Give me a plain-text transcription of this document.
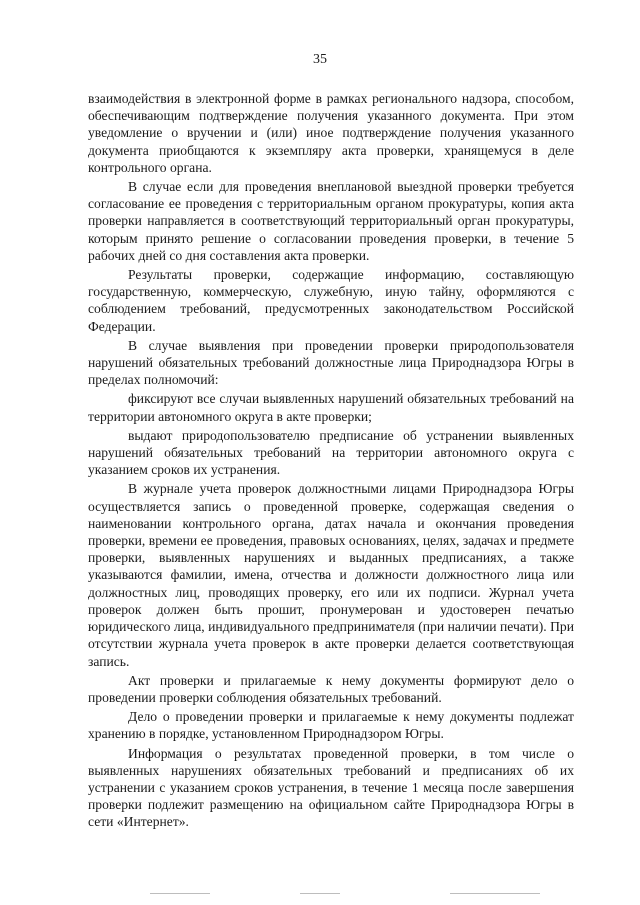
35

взаимодействия в электронной форме в рамках регионального надзора, способом, обеспечивающим подтверждение получения указанного документа. При этом уведомление о вручении и (или) иное подтверждение получения указанного документа приобщаются к экземпляру акта проверки, хранящемуся в деле контрольного органа.

В случае если для проведения внеплановой выездной проверки требуется согласование ее проведения с территориальным органом прокуратуры, копия акта проверки направляется в соответствующий территориальный орган прокуратуры, которым принято решение о согласовании проведения проверки, в течение 5 рабочих дней со дня составления акта проверки.

Результаты проверки, содержащие информацию, составляющую государственную, коммерческую, служебную, иную тайну, оформляются с соблюдением требований, предусмотренных законодательством Российской Федерации.

В случае выявления при проведении проверки природопользователя нарушений обязательных требований должностные лица Природнадзора Югры в пределах полномочий:

фиксируют все случаи выявленных нарушений обязательных требований на территории автономного округа в акте проверки;

выдают природопользователю предписание об устранении выявленных нарушений обязательных требований на территории автономного округа с указанием сроков их устранения.

В журнале учета проверок должностными лицами Природнадзора Югры осуществляется запись о проведенной проверке, содержащая сведения о наименовании контрольного органа, датах начала и окончания проведения проверки, времени ее проведения, правовых основаниях, целях, задачах и предмете проверки, выявленных нарушениях и выданных предписаниях, а также указываются фамилии, имена, отчества и должности должностного лица или должностных лиц, проводящих проверку, его или их подписи. Журнал учета проверок должен быть прошит, пронумерован и удостоверен печатью юридического лица, индивидуального предпринимателя (при наличии печати). При отсутствии журнала учета проверок в акте проверки делается соответствующая запись.

Акт проверки и прилагаемые к нему документы формируют дело о проведении проверки соблюдения обязательных требований.

Дело о проведении проверки и прилагаемые к нему документы подлежат хранению в порядке, установленном Природнадзором Югры.

Информация о результатах проведенной проверки, в том числе о выявленных нарушениях обязательных требований и предписаниях об их устранении с указанием сроков устранения, в течение 1 месяца после завершения проверки подлежит размещению на официальном сайте Природнадзора Югры в сети «Интернет».
